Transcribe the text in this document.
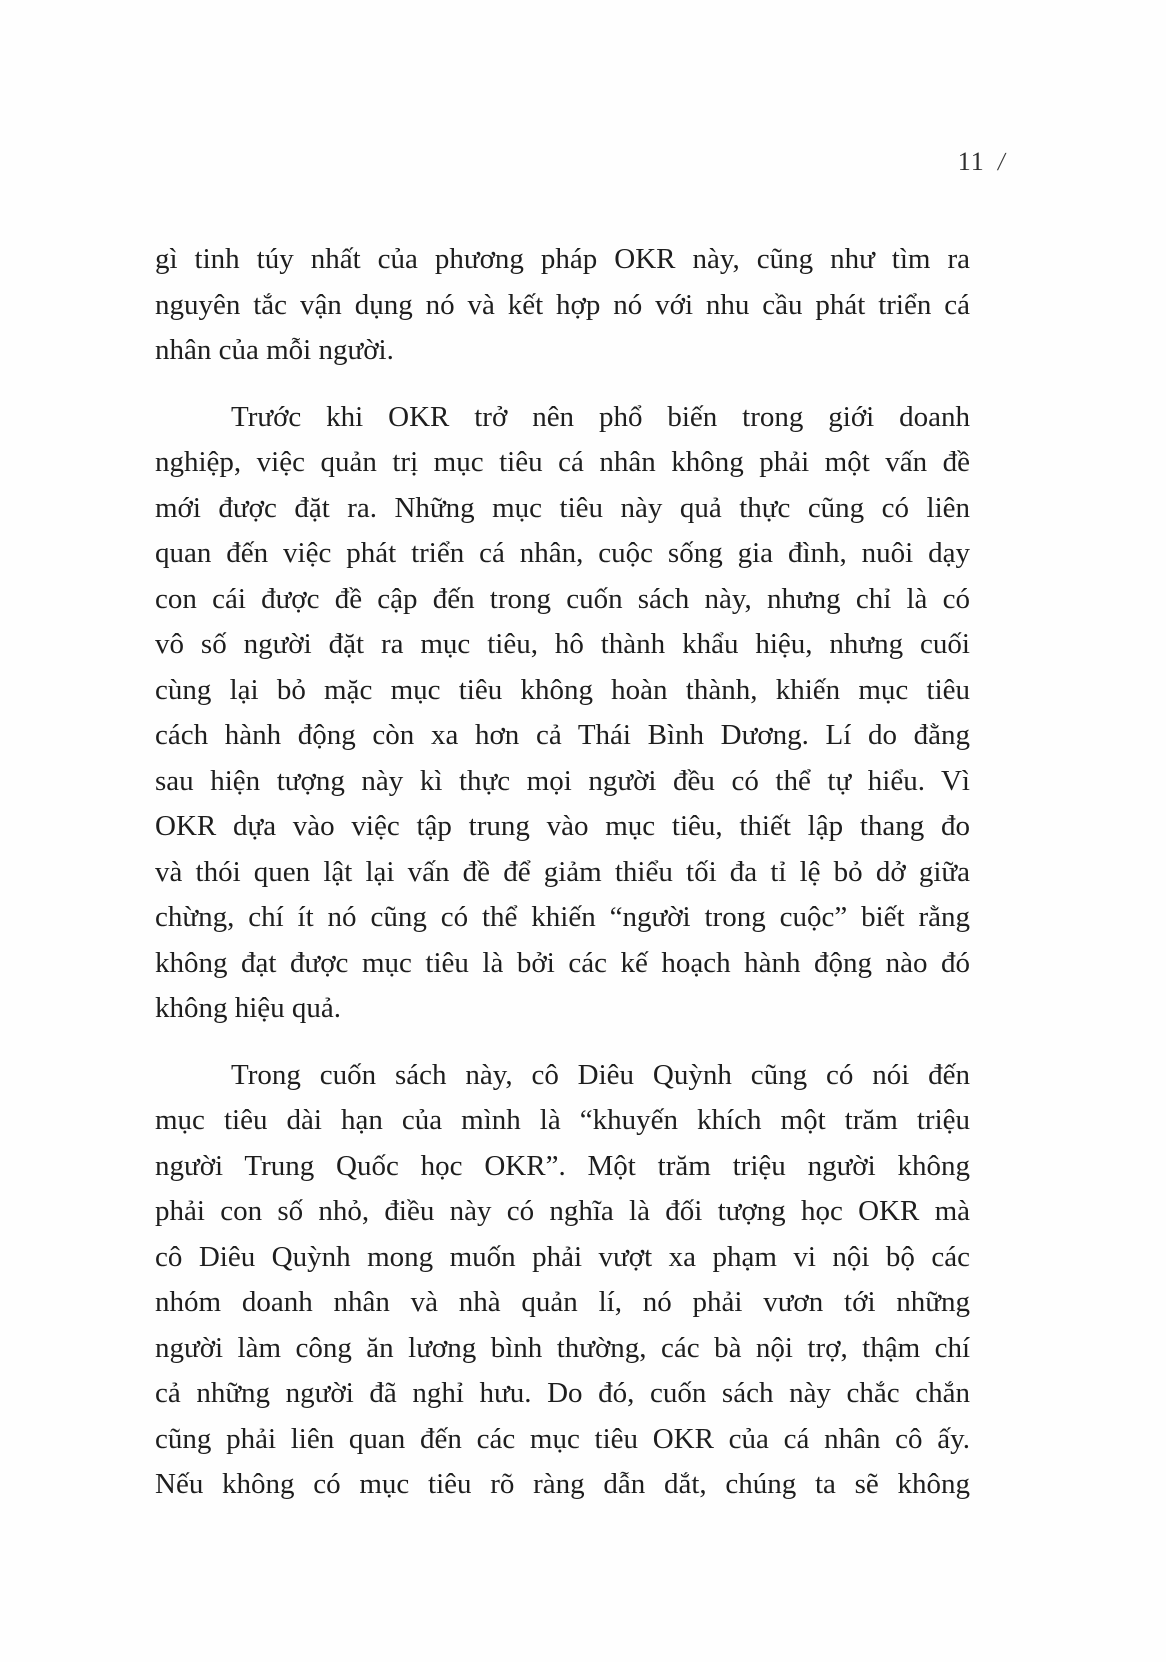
11 /
gì tinh túy nhất của phương pháp OKR này, cũng như tìm ra
nguyên tắc vận dụng nó và kết hợp nó với nhu cầu phát triển cá
nhân của mỗi người.
Trước khi OKR trở nên phổ biến trong giới doanh
nghiệp, việc quản trị mục tiêu cá nhân không phải một vấn đề
mới được đặt ra. Những mục tiêu này quả thực cũng có liên
quan đến việc phát triển cá nhân, cuộc sống gia đình, nuôi dạy
con cái được đề cập đến trong cuốn sách này, nhưng chỉ là có
vô số người đặt ra mục tiêu, hô thành khẩu hiệu, nhưng cuối
cùng lại bỏ mặc mục tiêu không hoàn thành, khiến mục tiêu
cách hành động còn xa hơn cả Thái Bình Dương. Lí do đằng
sau hiện tượng này kì thực mọi người đều có thể tự hiểu. Vì
OKR dựa vào việc tập trung vào mục tiêu, thiết lập thang đo
và thói quen lật lại vấn đề để giảm thiểu tối đa tỉ lệ bỏ dở giữa
chừng, chí ít nó cũng có thể khiến “người trong cuộc” biết rằng
không đạt được mục tiêu là bởi các kế hoạch hành động nào đó
không hiệu quả.
Trong cuốn sách này, cô Diêu Quỳnh cũng có nói đến
mục tiêu dài hạn của mình là “khuyến khích một trăm triệu
người Trung Quốc học OKR”. Một trăm triệu người không
phải con số nhỏ, điều này có nghĩa là đối tượng học OKR mà
cô Diêu Quỳnh mong muốn phải vượt xa phạm vi nội bộ các
nhóm doanh nhân và nhà quản lí, nó phải vươn tới những
người làm công ăn lương bình thường, các bà nội trợ, thậm chí
cả những người đã nghỉ hưu. Do đó, cuốn sách này chắc chắn
cũng phải liên quan đến các mục tiêu OKR của cá nhân cô ấy.
Nếu không có mục tiêu rõ ràng dẫn dắt, chúng ta sẽ không
